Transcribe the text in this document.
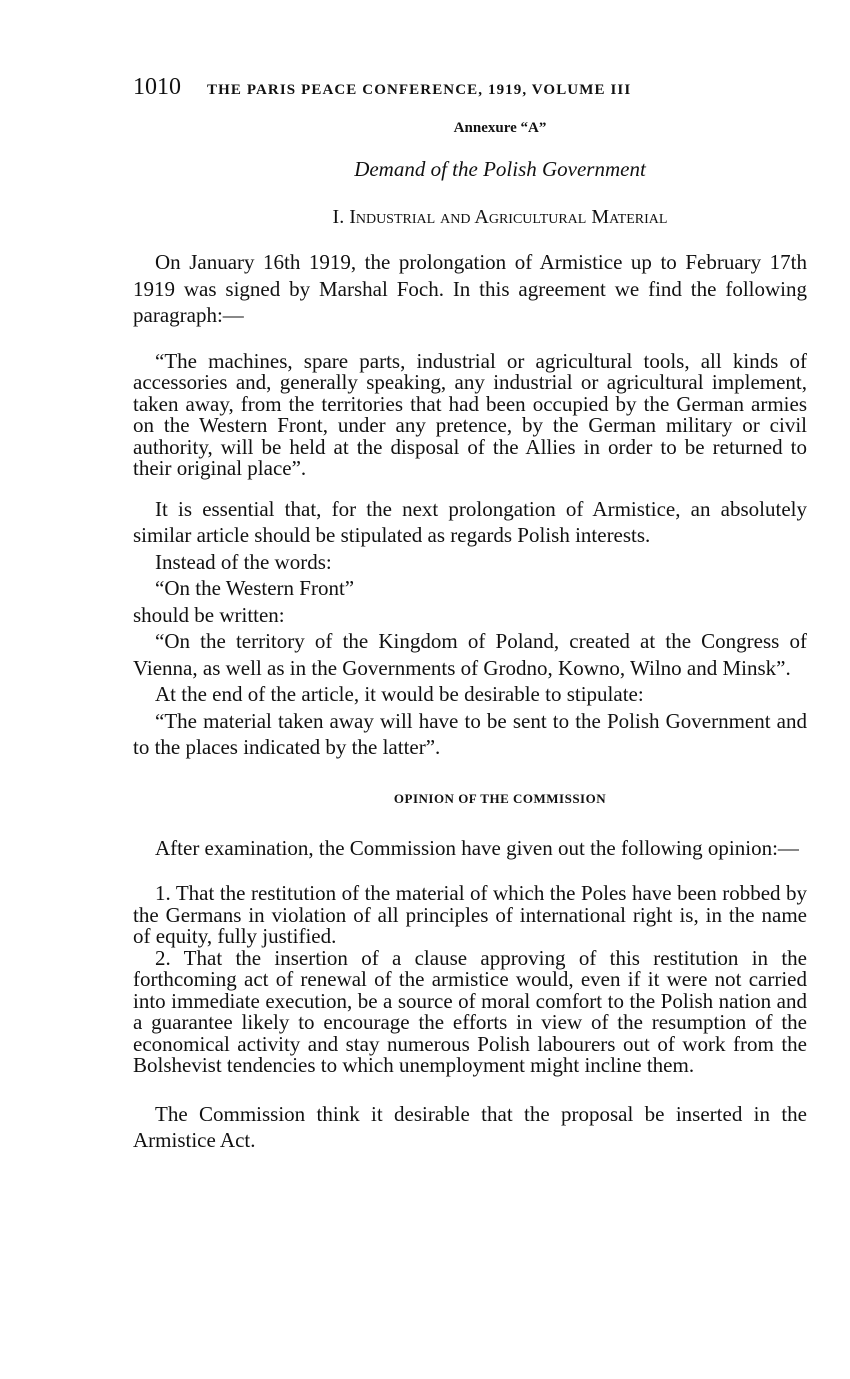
1010 THE PARIS PEACE CONFERENCE, 1919, VOLUME III

Annexure “A”

Demand of the Polish Government

I. Industrial and Agricultural Material

On January 16th 1919, the prolongation of Armistice up to February 17th 1919 was signed by Marshal Foch. In this agreement we find the following paragraph:—

“The machines, spare parts, industrial or agricultural tools, all kinds of accessories and, generally speaking, any industrial or agricultural implement, taken away, from the territories that had been occupied by the German armies on the Western Front, under any pretence, by the German military or civil authority, will be held at the disposal of the Allies in order to be returned to their original place”.

It is essential that, for the next prolongation of Armistice, an absolutely similar article should be stipulated as regards Polish interests.

Instead of the words:

“On the Western Front”

should be written:

“On the territory of the Kingdom of Poland, created at the Congress of Vienna, as well as in the Governments of Grodno, Kowno, Wilno and Minsk”.

At the end of the article, it would be desirable to stipulate:

“The material taken away will have to be sent to the Polish Government and to the places indicated by the latter”.

OPINION OF THE COMMISSION

After examination, the Commission have given out the following opinion:—

1. That the restitution of the material of which the Poles have been robbed by the Germans in violation of all principles of international right is, in the name of equity, fully justified.

2. That the insertion of a clause approving of this restitution in the forthcoming act of renewal of the armistice would, even if it were not carried into immediate execution, be a source of moral comfort to the Polish nation and a guarantee likely to encourage the efforts in view of the resumption of the economical activity and stay numerous Polish labourers out of work from the Bolshevist tendencies to which unemployment might incline them.

The Commission think it desirable that the proposal be inserted in the Armistice Act.
